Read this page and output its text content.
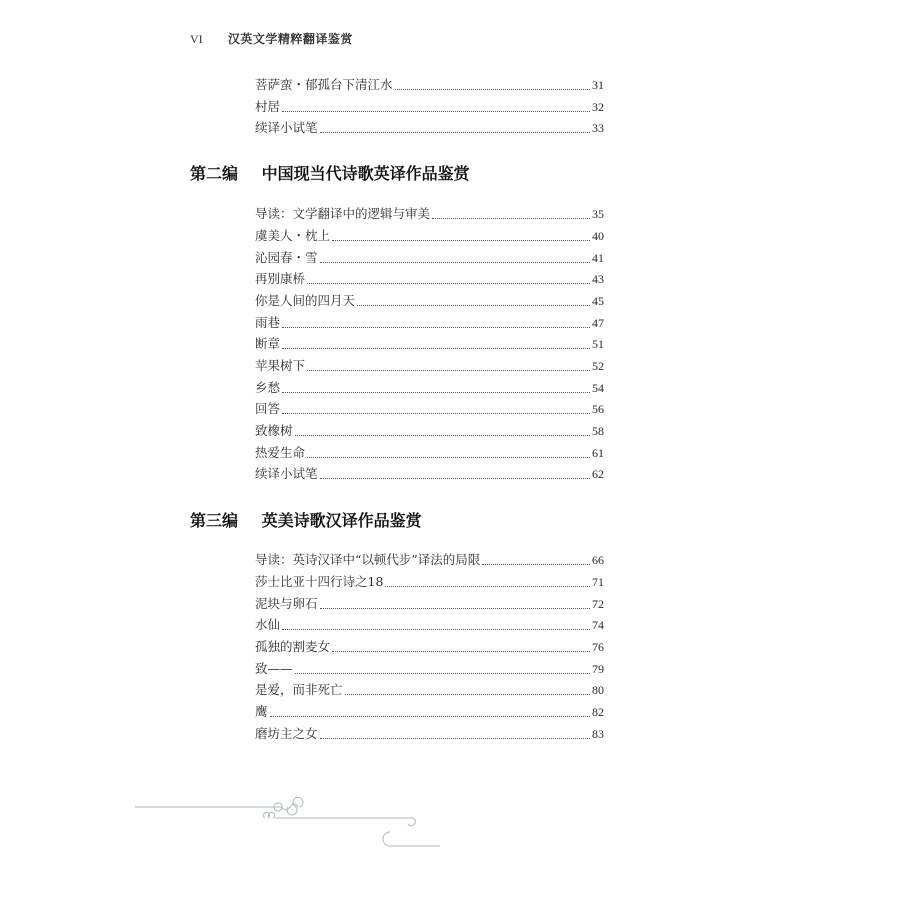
VI 汉英文学精粹翻译鉴赏
菩萨蛮・郁孤台下清江水	31
村居	32
续译小试笔	33
第二编 中国现当代诗歌英译作品鉴赏
导读：文学翻译中的逻辑与审美	35
虞美人・枕上	40
沁园春・雪	41
再别康桥	43
你是人间的四月天	45
雨巷	47
断章	51
苹果树下	52
乡愁	54
回答	56
致橡树	58
热爱生命	61
续译小试笔	62
第三编 英美诗歌汉译作品鉴赏
导读：英诗汉译中“以顿代步”译法的局限	66
莎士比亚十四行诗之18	71
泥块与卵石	72
水仙	74
孤独的割麦女	76
致——	79
是爱，而非死亡	80
鹰	82
磨坊主之女	83
